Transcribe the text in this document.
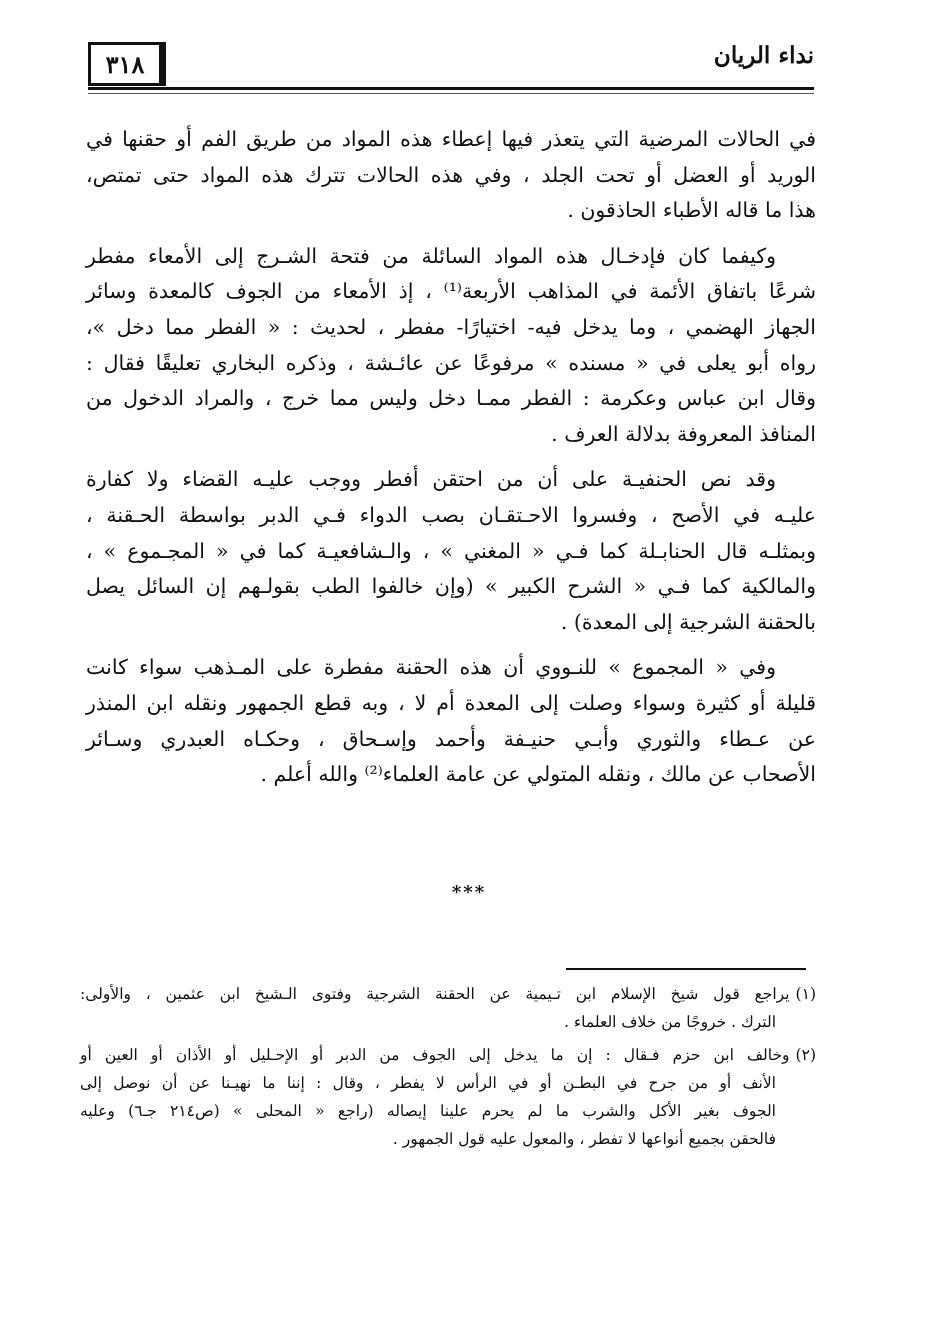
نداء الريان
٣١٨

في الحالات المرضية التي يتعذر فيها إعطاء هذه المواد من طريق الفم أو حقنها في
الوريد أو العضل أو تحت الجلد ، وفي هذه الحالات تترك هذه المواد حتى تمتص،
هذا ما قاله الأطباء الحاذقون .

وكيفما كان فإدخـال هذه المواد السائلة من فتحة الشـرج إلى الأمعاء مفطر
شرعًا باتفاق الأئمة في المذاهب الأربعة⁽¹⁾ ، إذ الأمعاء من الجوف كالمعدة وسائر
الجهاز الهضمي ، وما يدخل فيه- اختيارًا- مفطر ، لحديث : « الفطر مما دخل »،
رواه أبو يعلى في « مسنده » مرفوعًا عن عائـشة ، وذكره البخاري تعليقًا فقال :
وقال ابن عباس وعكرمة : الفطر ممـا دخل وليس مما خرج ، والمراد الدخول من
المنافذ المعروفة بدلالة العرف .

وقد نص الحنفيـة على أن من احتقن أفطر ووجب عليـه القضاء ولا كفارة
عليـه في الأصح ، وفسروا الاحـتقـان بصب الدواء فـي الدبر بواسطة الحـقنة ،
وبمثلـه قال الحنابـلة كما فـي « المغني » ، والـشافعيـة كما في « المجـموع » ،
والمالكية كما فـي « الشرح الكبير » (وإن خالفوا الطب بقولـهم إن السائل يصل
بالحقنة الشرجية إلى المعدة) .

وفي « المجموع » للنـووي أن هذه الحقنة مفطرة على المـذهب سواء كانت
قليلة أو كثيرة وسواء وصلت إلى المعدة أم لا ، وبه قطع الجمهور ونقله ابن المنذر
عن عـطاء والثوري وأبـي حنيـفة وأحمد وإسـحاق ، وحكـاه العبدري وسـائر
الأصحاب عن مالك ، ونقله المتولي عن عامة العلماء⁽²⁾ والله أعلم .

***
(١)يراجع قول شيخ الإسلام ابن تـيمية عن الحقنة الشرجية وفتوى الـشيخ ابن عثمين ، والأولى:
الترك . خروجًا من خلاف العلماء .
(٢)وخالف ابن حزم فـقال : إن ما يدخل إلى الجوف من الدبر أو الإحـليل أو الأذان أو العين أو
الأنف أو من جرح في البطـن أو في الرأس لا يفطر ، وقال : إننا ما نهيـنا عن أن نوصل إلى
الجوف بغير الأكل والشرب ما لم يحرم علينا إيصاله (راجع « المحلى » (ص٢١٤ جـ٦) وعليه
فالحقن بجميع أنواعها لا تفطر ، والمعول عليه قول الجمهور .
